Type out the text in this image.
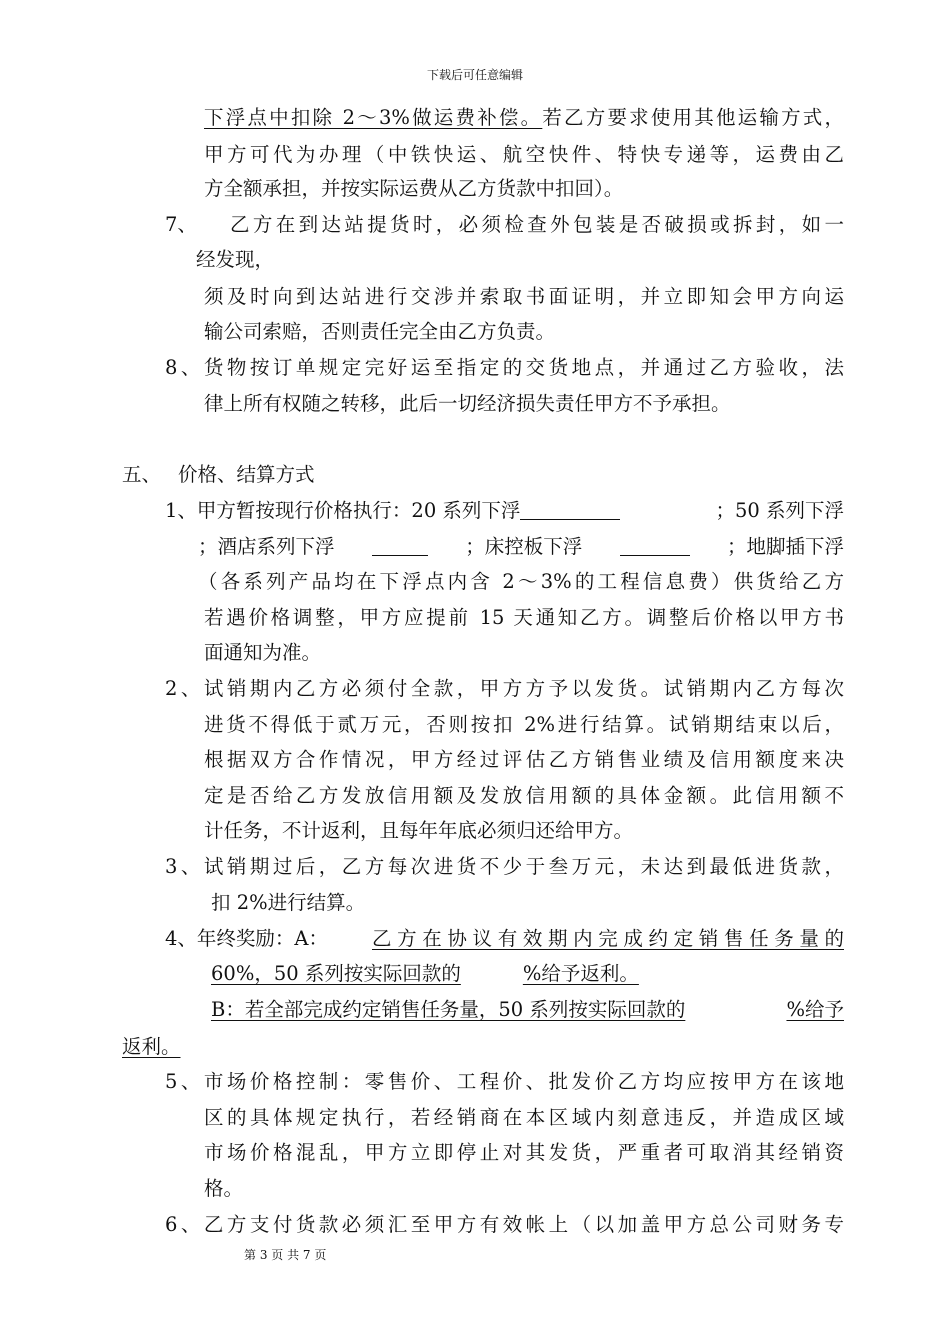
下载后可任意编辑
下浮点中扣除 2～3%做运费补偿。若乙方要求使用其他运输方式，
甲方可代为办理（中铁快运、航空快件、特快专递等，运费由乙
方全额承担，并按实际运费从乙方货款中扣回）。
7、 乙方在到达站提货时，必须检查外包装是否破损或拆封，如一
经发现，
须及时向到达站进行交涉并索取书面证明，并立即知会甲方向运
输公司索赔，否则责任完全由乙方负责。
8、货物按订单规定完好运至指定的交货地点，并通过乙方验收，法
律上所有权随之转移，此后一切经济损失责任甲方不予承担。
五、 价格、结算方式
1、甲方暂按现行价格执行：20 系列下浮	；50 系列下浮
；酒店系列下浮	；床控板下浮	；地脚插下浮
（各系列产品均在下浮点内含 2～3%的工程信息费）供货给乙方
若遇价格调整，甲方应提前 15 天通知乙方。调整后价格以甲方书
面通知为准。
2、试销期内乙方必须付全款，甲方方予以发货。试销期内乙方每次
进货不得低于贰万元，否则按扣 2%进行结算。试销期结束以后，
根据双方合作情况，甲方经过评估乙方销售业绩及信用额度来决
定是否给乙方发放信用额及发放信用额的具体金额。此信用额不
计任务，不计返利，且每年年底必须归还给甲方。
3、试销期过后，乙方每次进货不少于叁万元，未达到最低进货款，
扣 2%进行结算。
4、年终奖励：A： 乙方在协议有效期内完成约定销售任务量的
60%，50 系列按实际回款的	%给予返利。
B：若全部完成约定销售任务量，50 系列按实际回款的	%给予
返利。
5、市场价格控制：零售价、工程价、批发价乙方均应按甲方在该地
区的具体规定执行，若经销商在本区域内刻意违反，并造成区域
市场价格混乱，甲方立即停止对其发货，严重者可取消其经销资
格。
6、乙方支付货款必须汇至甲方有效帐上（以加盖甲方总公司财务专
第 3 页 共 7 页
